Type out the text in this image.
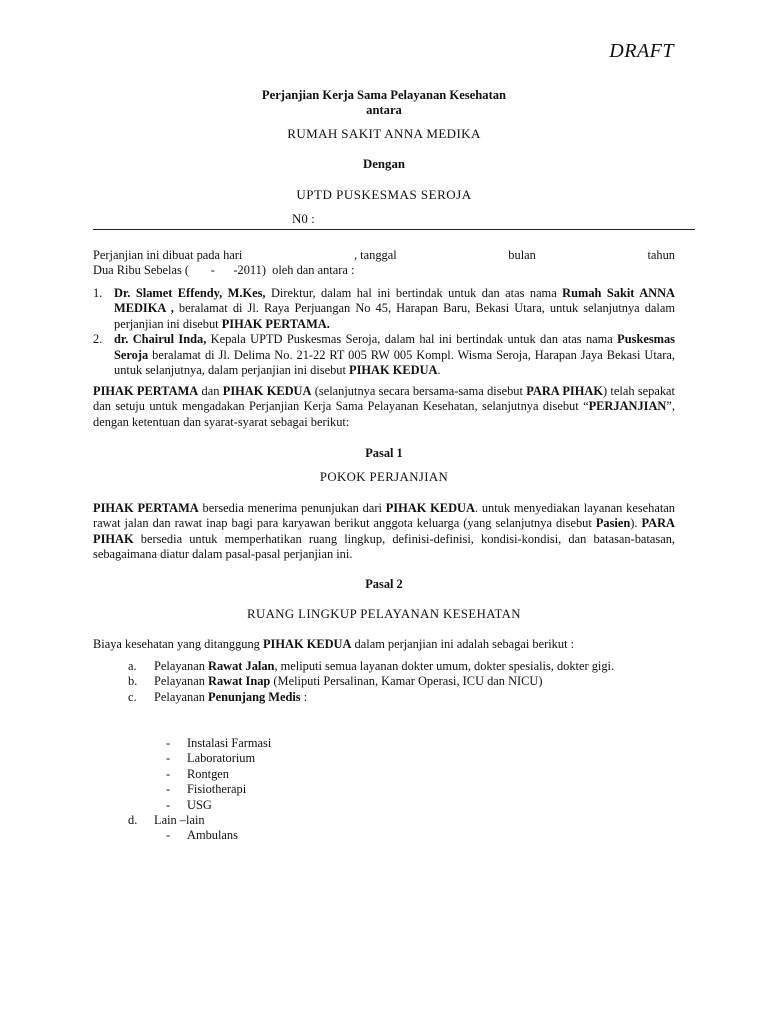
DRAFT
Perjanjian Kerja Sama Pelayanan Kesehatan
antara
RUMAH SAKIT ANNA MEDIKA
Dengan
UPTD PUSKESMAS SEROJA
N0 :
Perjanjian ini dibuat pada hari	, tanggal	bulan	tahun
Dua Ribu Sebelas (       -      -2011)  oleh dan antara :
1. Dr. Slamet Effendy, M.Kes, Direktur, dalam hal ini bertindak untuk dan atas nama Rumah Sakit ANNA MEDIKA , beralamat di Jl. Raya Perjuangan No 45, Harapan Baru, Bekasi Utara, untuk selanjutnya dalam perjanjian ini disebut PIHAK PERTAMA.
2. dr. Chairul Inda, Kepala UPTD Puskesmas Seroja, dalam hal ini bertindak untuk dan atas nama Puskesmas Seroja beralamat di Jl. Delima No. 21-22 RT 005 RW 005 Kompl. Wisma Seroja, Harapan Jaya Bekasi Utara, untuk selanjutnya, dalam perjanjian ini disebut PIHAK KEDUA.
PIHAK PERTAMA dan PIHAK KEDUA (selanjutnya secara bersama-sama disebut PARA PIHAK) telah sepakat dan setuju untuk mengadakan Perjanjian Kerja Sama Pelayanan Kesehatan, selanjutnya disebut “PERJANJIAN”, dengan ketentuan dan syarat-syarat sebagai berikut:
Pasal 1
POKOK PERJANJIAN
PIHAK PERTAMA bersedia menerima penunjukan dari PIHAK KEDUA. untuk menyediakan layanan kesehatan rawat jalan dan rawat inap bagi para karyawan berikut anggota keluarga (yang selanjutnya disebut Pasien). PARA PIHAK bersedia untuk memperhatikan ruang lingkup, definisi-definisi, kondisi-kondisi, dan batasan-batasan, sebagaimana diatur dalam pasal-pasal perjanjian ini.
Pasal 2
RUANG LINGKUP PELAYANAN KESEHATAN
Biaya kesehatan yang ditanggung PIHAK KEDUA dalam perjanjian ini adalah sebagai berikut :
a.	Pelayanan Rawat Jalan, meliputi semua layanan dokter umum, dokter spesialis, dokter gigi.
b.	Pelayanan Rawat Inap (Meliputi Persalinan, Kamar Operasi, ICU dan NICU)
c.	Pelayanan Penunjang Medis :
-	Instalasi Farmasi
-	Laboratorium
-	Rontgen
-	Fisiotherapi
-	USG
d.	Lain –lain
-	Ambulans
